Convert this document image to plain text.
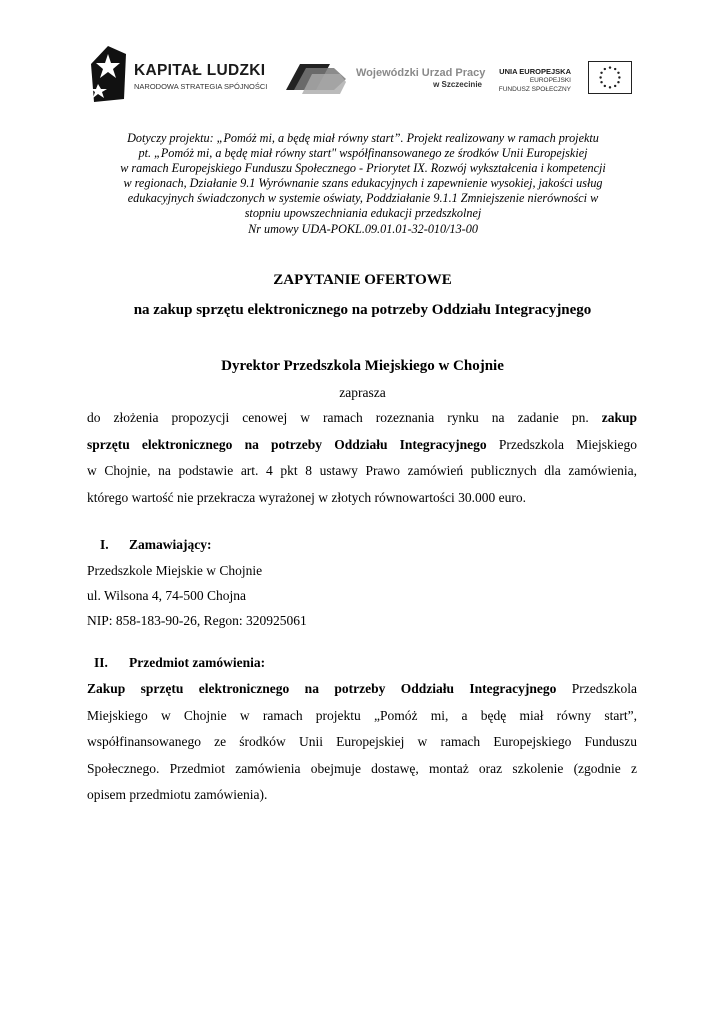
KAPITAŁ LUDZKI
NARODOWA STRATEGIA SPÓJNOŚCI
Wojewódzki Urzad Pracy
w Szczecinie
UNIA EUROPEJSKA
EUROPEJSKI
FUNDUSZ SPOŁECZNY
Dotyczy projektu: „Pomóż mi, a będę miał równy start”. Projekt realizowany w ramach projektu
pt. „Pomóż mi, a będę miał równy start" współfinansowanego ze środków Unii Europejskiej
w ramach Europejskiego Funduszu Społecznego - Priorytet IX. Rozwój wykształcenia i kompetencji
w regionach, Działanie 9.1 Wyrównanie szans edukacyjnych i zapewnienie wysokiej, jakości usług
edukacyjnych świadczonych w systemie oświaty, Poddziałanie 9.1.1 Zmniejszenie nierówności w
stopniu upowszechniania edukacji przedszkolnej
Nr umowy UDA-POKL.09.01.01-32-010/13-00
ZAPYTANIE OFERTOWE
na zakup sprzętu elektronicznego na potrzeby Oddziału Integracyjnego
Dyrektor Przedszkola Miejskiego w Chojnie
zaprasza
do złożenia propozycji cenowej w ramach rozeznania rynku na zadanie pn. zakup
sprzętu elektronicznego na potrzeby Oddziału Integracyjnego Przedszkola Miejskiego
w Chojnie, na podstawie art. 4 pkt 8 ustawy Prawo zamówień publicznych dla zamówienia,
którego wartość nie przekracza wyrażonej w złotych równowartości 30.000 euro.
I. Zamawiający:
Przedszkole Miejskie w Chojnie
ul. Wilsona 4, 74-500 Chojna
NIP: 858-183-90-26, Regon: 320925061
II. Przedmiot zamówienia:
Zakup sprzętu elektronicznego na potrzeby Oddziału Integracyjnego Przedszkola
Miejskiego w Chojnie w ramach projektu „Pomóż mi, a będę miał równy start”,
współfinansowanego ze środków Unii Europejskiej w ramach Europejskiego Funduszu
Społecznego. Przedmiot zamówienia obejmuje dostawę, montaż oraz szkolenie (zgodnie z
opisem przedmiotu zamówienia).
